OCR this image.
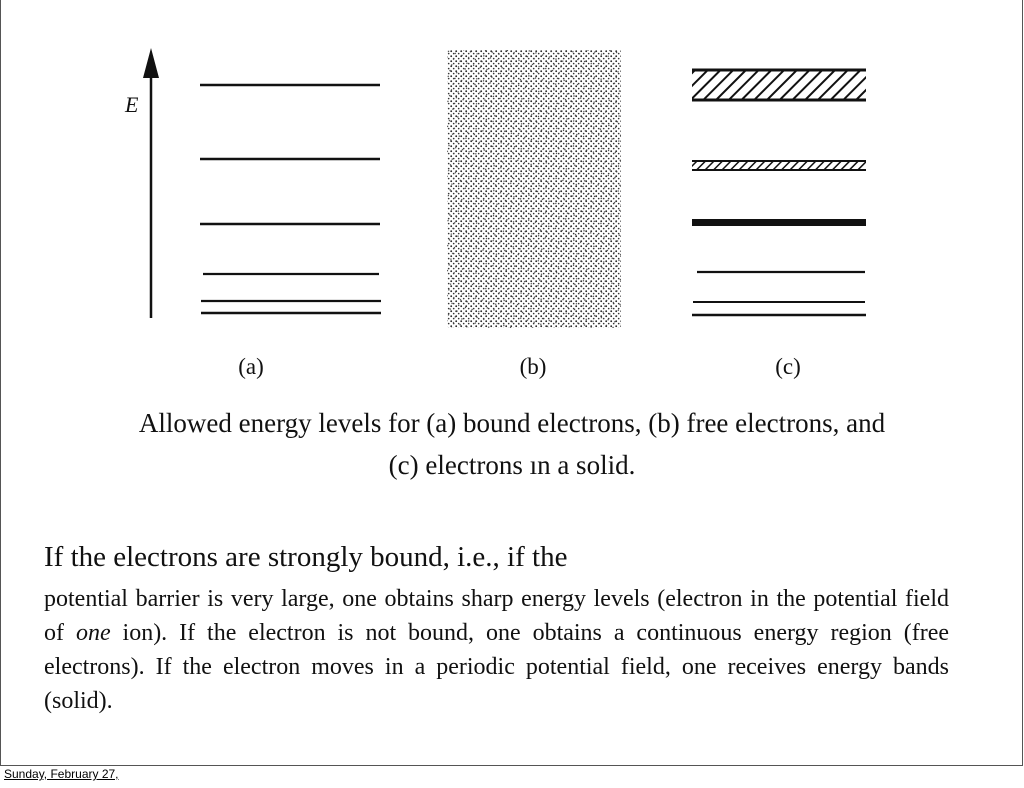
E
(a)	(b)	(c)
Allowed energy levels for (a) bound electrons, (b) free electrons, and
(c) electrons ın a solid.
If the electrons are strongly bound, i.e., if the
potential barrier is very large, one obtains sharp energy levels (electron in the potential field of one ion). If the electron is not bound, one obtains a continuous energy region (free electrons). If the electron moves in a periodic potential field, one receives energy bands (solid).
Sunday, February 27,
